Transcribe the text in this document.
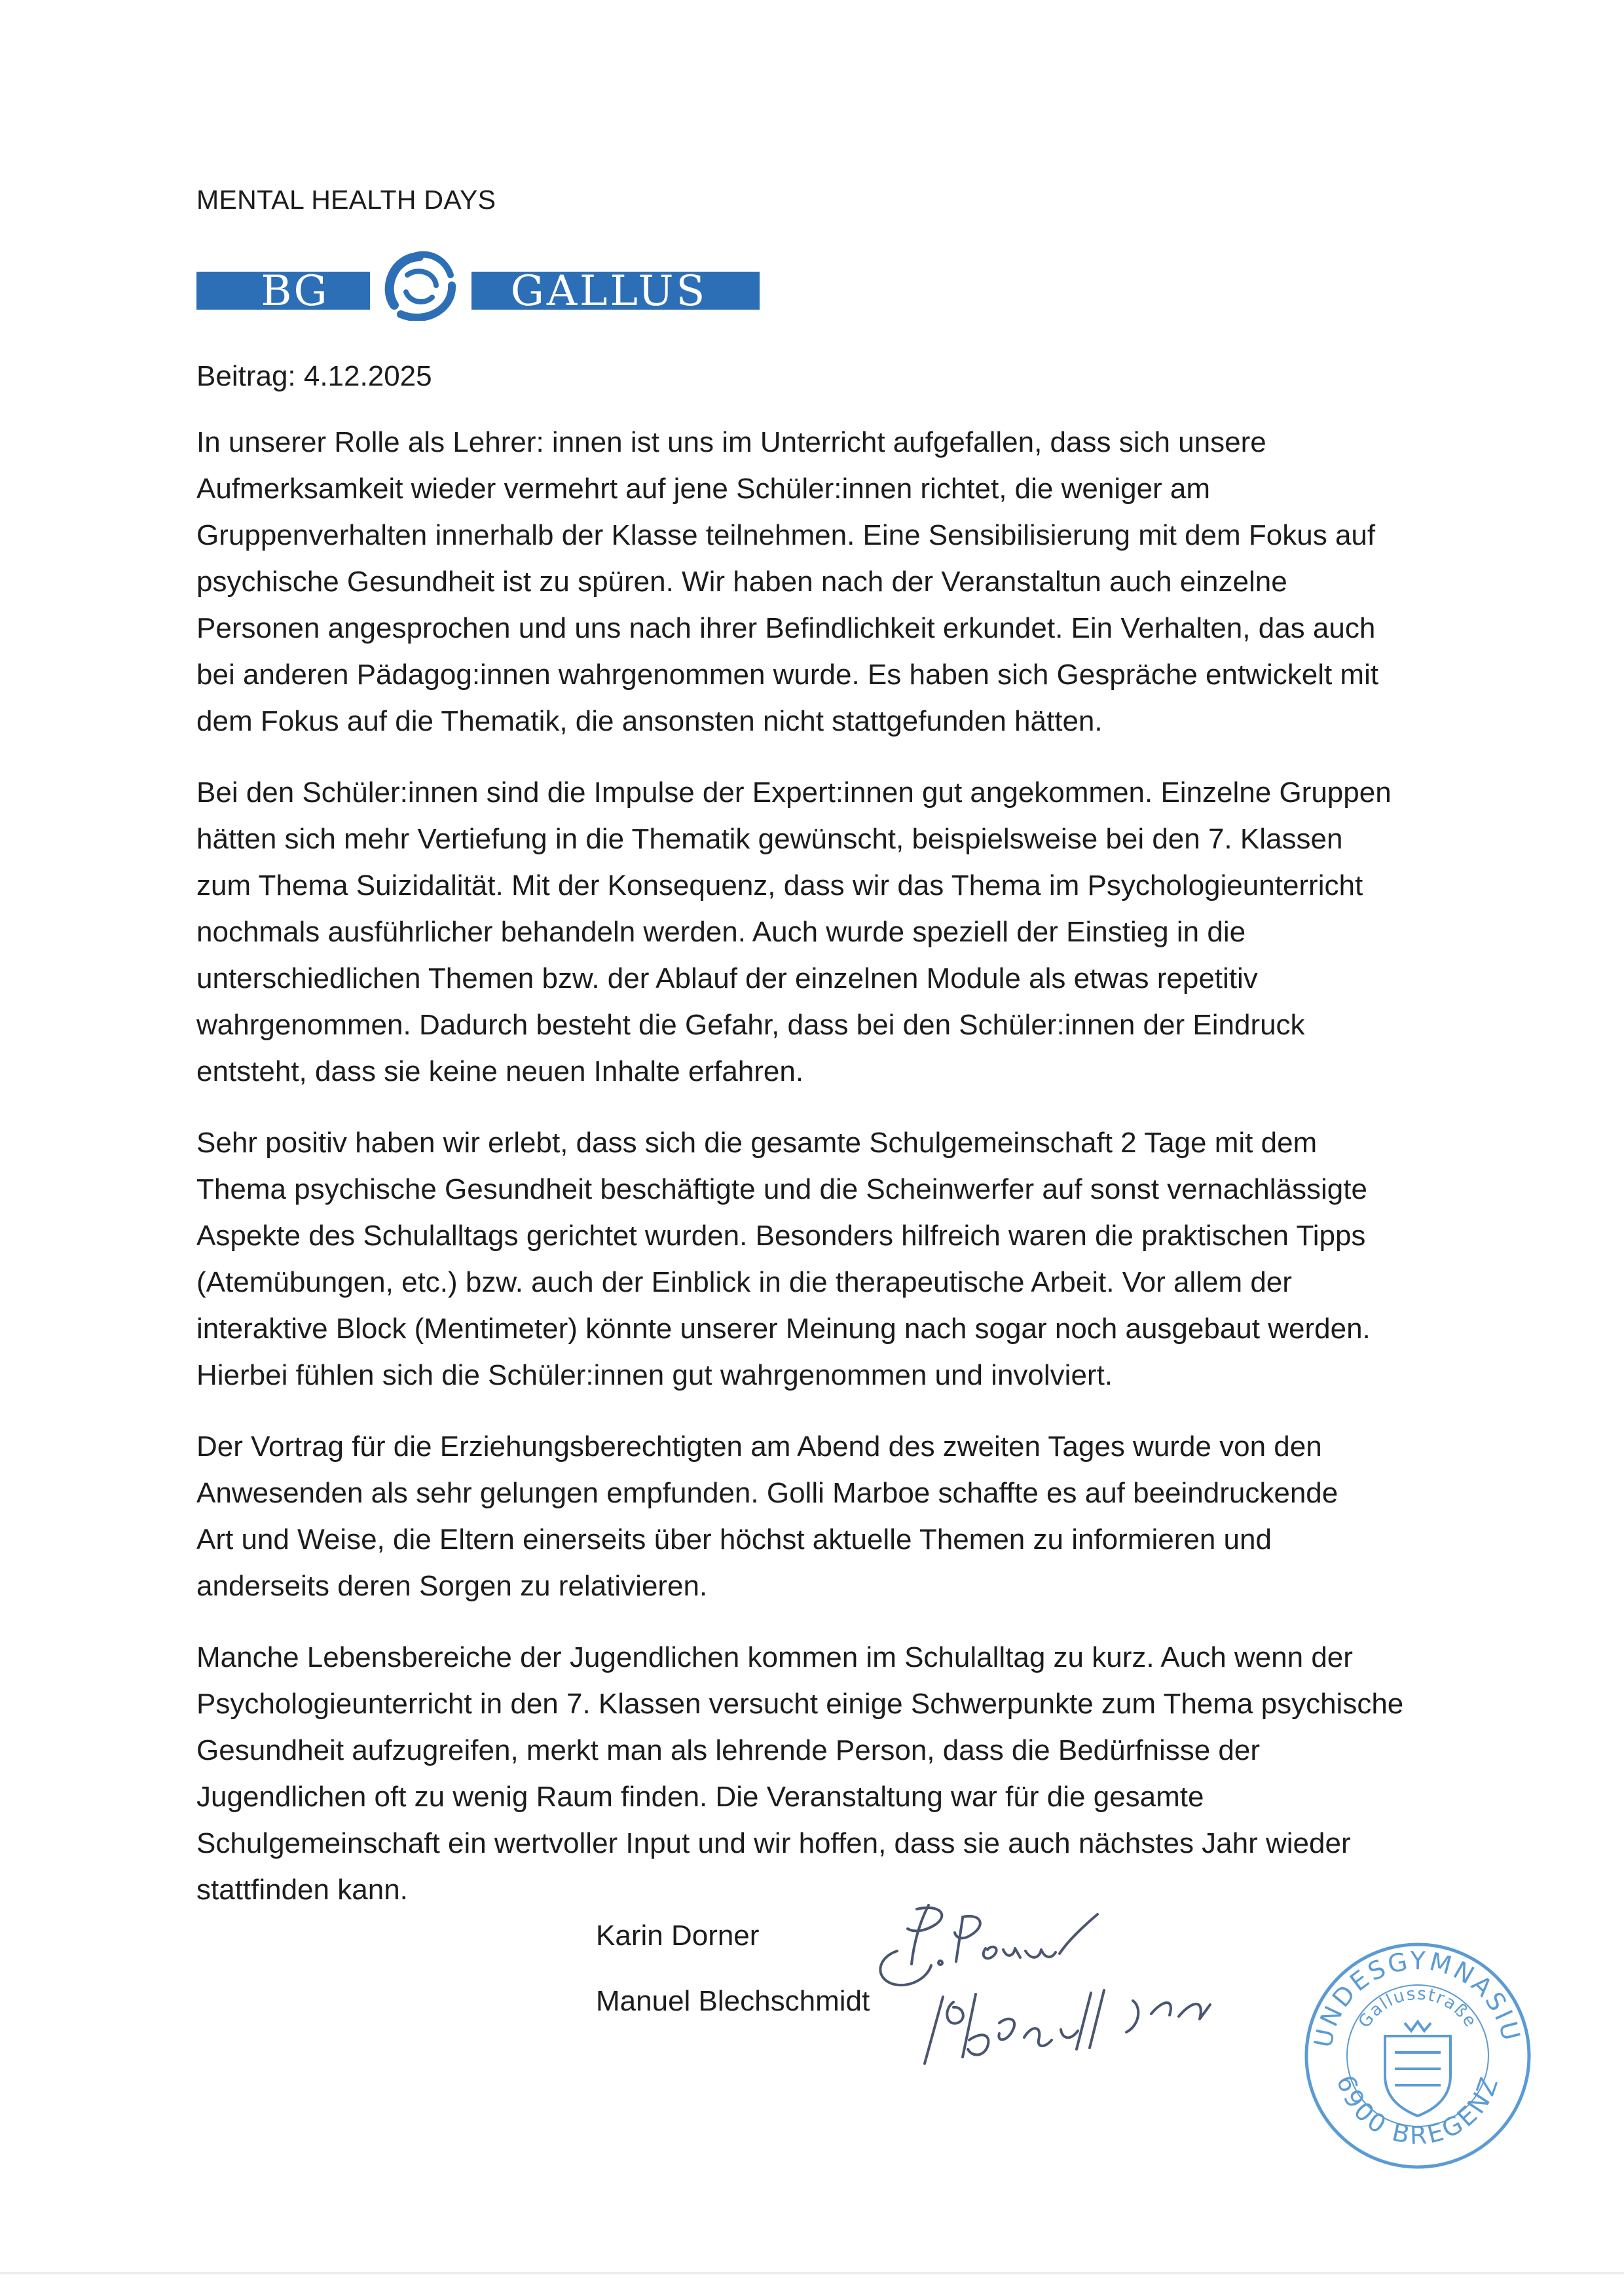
MENTAL HEALTH DAYS
BG	GALLUS
Beitrag: 4.12.2025

In unserer Rolle als Lehrer: innen ist uns im Unterricht aufgefallen, dass sich unsere
Aufmerksamkeit wieder vermehrt auf jene Schüler:innen richtet, die weniger am
Gruppenverhalten innerhalb der Klasse teilnehmen. Eine Sensibilisierung mit dem Fokus auf
psychische Gesundheit ist zu spüren. Wir haben nach der Veranstaltun auch einzelne
Personen angesprochen und uns nach ihrer Befindlichkeit erkundet. Ein Verhalten, das auch
bei anderen Pädagog:innen wahrgenommen wurde. Es haben sich Gespräche entwickelt mit
dem Fokus auf die Thematik, die ansonsten nicht stattgefunden hätten.

Bei den Schüler:innen sind die Impulse der Expert:innen gut angekommen. Einzelne Gruppen
hätten sich mehr Vertiefung in die Thematik gewünscht, beispielsweise bei den 7. Klassen
zum Thema Suizidalität. Mit der Konsequenz, dass wir das Thema im Psychologieunterricht
nochmals ausführlicher behandeln werden. Auch wurde speziell der Einstieg in die
unterschiedlichen Themen bzw. der Ablauf der einzelnen Module als etwas repetitiv
wahrgenommen. Dadurch besteht die Gefahr, dass bei den Schüler:innen der Eindruck
entsteht, dass sie keine neuen Inhalte erfahren.

Sehr positiv haben wir erlebt, dass sich die gesamte Schulgemeinschaft 2 Tage mit dem
Thema psychische Gesundheit beschäftigte und die Scheinwerfer auf sonst vernachlässigte
Aspekte des Schulalltags gerichtet wurden. Besonders hilfreich waren die praktischen Tipps
(Atemübungen, etc.) bzw. auch der Einblick in die therapeutische Arbeit. Vor allem der
interaktive Block (Mentimeter) könnte unserer Meinung nach sogar noch ausgebaut werden.
Hierbei fühlen sich die Schüler:innen gut wahrgenommen und involviert.

Der Vortrag für die Erziehungsberechtigten am Abend des zweiten Tages wurde von den
Anwesenden als sehr gelungen empfunden. Golli Marboe schaffte es auf beeindruckende
Art und Weise, die Eltern einerseits über höchst aktuelle Themen zu informieren und
anderseits deren Sorgen zu relativieren.

Manche Lebensbereiche der Jugendlichen kommen im Schulalltag zu kurz. Auch wenn der
Psychologieunterricht in den 7. Klassen versucht einige Schwerpunkte zum Thema psychische
Gesundheit aufzugreifen, merkt man als lehrende Person, dass die Bedürfnisse der
Jugendlichen oft zu wenig Raum finden. Die Veranstaltung war für die gesamte
Schulgemeinschaft ein wertvoller Input und wir hoffen, dass sie auch nächstes Jahr wieder
stattfinden kann.

Karin Dorner
Manuel Blechschmidt
UNDESGYMNASIU
Gallusstraße
6900 BREGENZ
